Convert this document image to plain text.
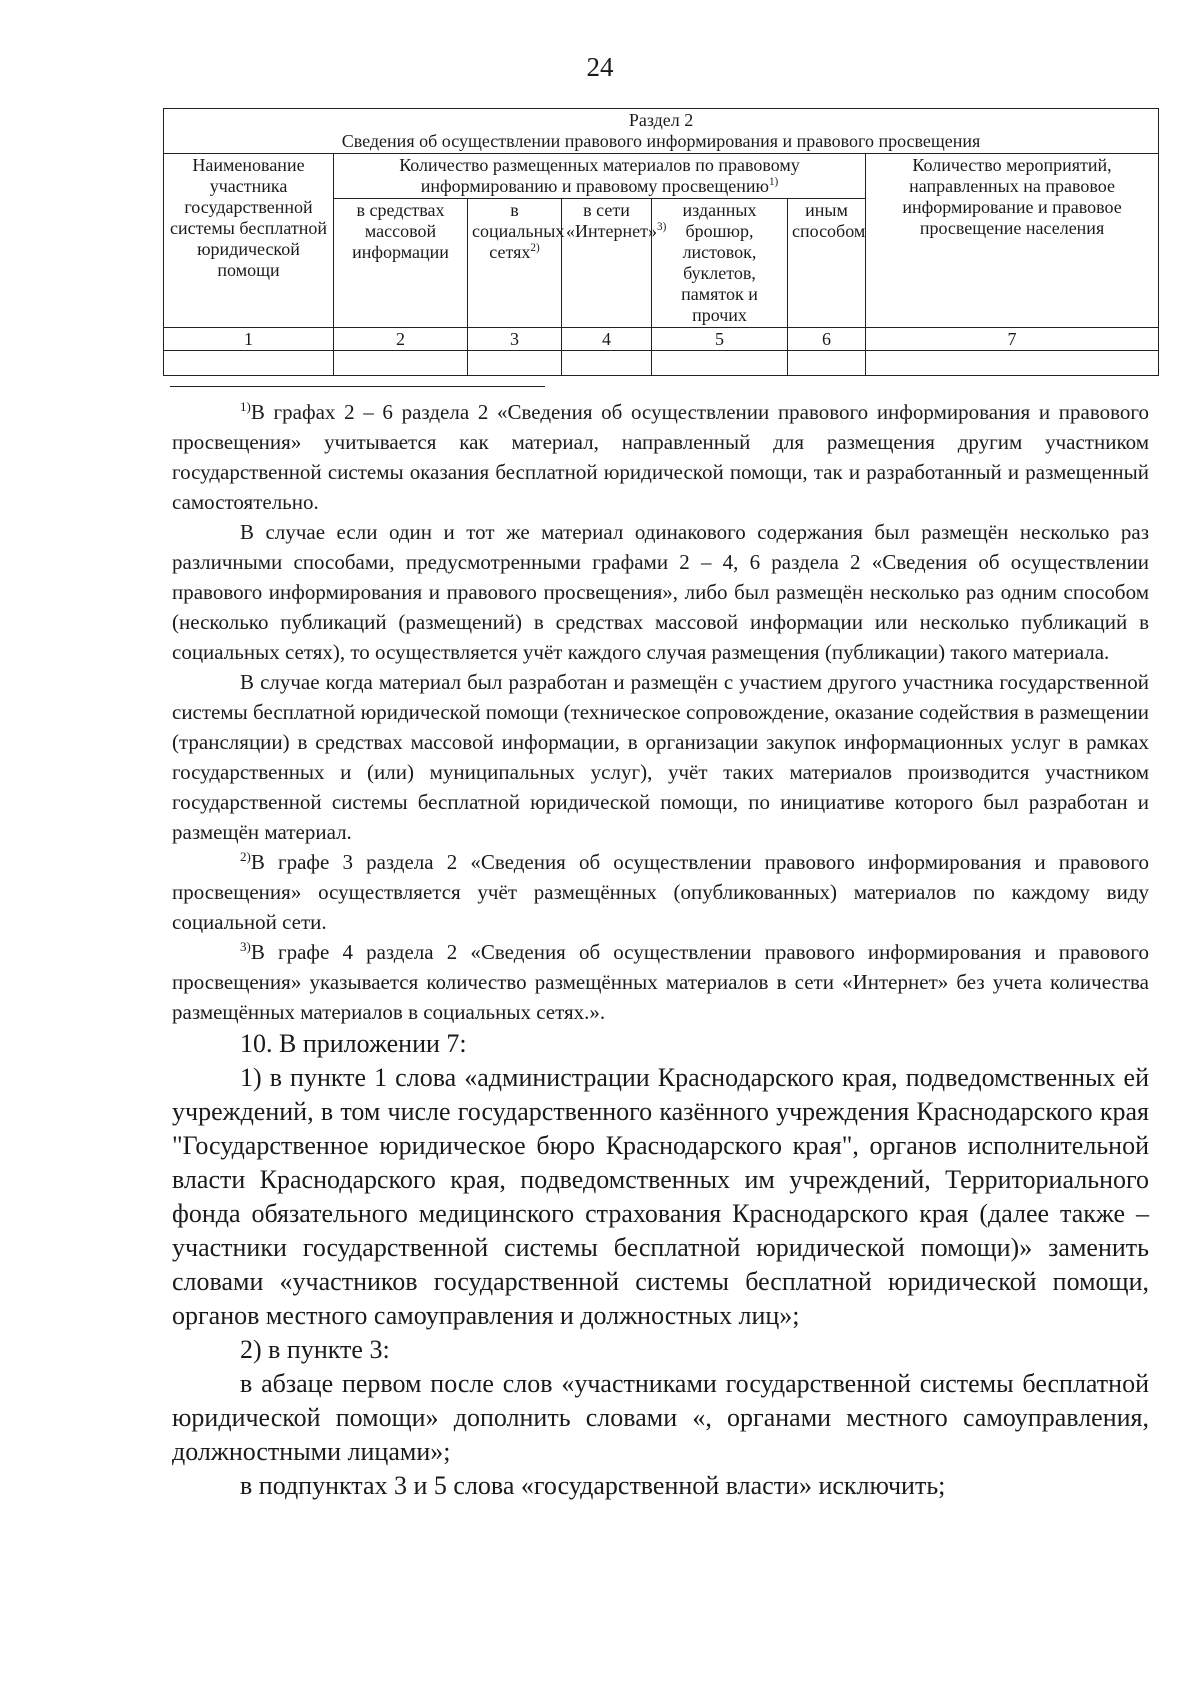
24
Раздел 2
Сведения об осуществлении правового информирования и правового просвещения						

Наименование участника государственной системы бесплатной юридической помощи	Количество размещенных материалов по правовому информированию и правовому просвещению$^{1)}$					Количество мероприятий, направленных на правовое информирование и правовое просвещение населения
	в средствах массовой информации	в социальных сетях$^{2)}$	в сети «Интернет»$^{3)}$	изданных брошюр, листовок, буклетов, памяток и прочих	иным способом	
1	2	3	4	5	6	7

$^{1)}$В графах 2 – 6 раздела 2 «Сведения об осуществлении правового информирования и правового просвещения» учитывается как материал, направленный для размещения другим участником государственной системы оказания бесплатной юридической помощи, так и разработанный и размещенный самостоятельно.

В случае если один и тот же материал одинакового содержания был размещён несколько раз различными способами, предусмотренными графами 2 – 4, 6 раздела 2 «Сведения об осуществлении правового информирования и правового просвещения», либо был размещён несколько раз одним способом (несколько публикаций (размещений) в средствах массовой информации или несколько публикаций в социальных сетях), то осуществляется учёт каждого случая размещения (публикации) такого материала.

В случае когда материал был разработан и размещён с участием другого участника государственной системы бесплатной юридической помощи (техническое сопровождение, оказание содействия в размещении (трансляции) в средствах массовой информации, в организации закупок информационных услуг в рамках государственных и (или) муниципальных услуг), учёт таких материалов производится участником государственной системы бесплатной юридической помощи, по инициативе которого был разработан и размещён материал.

$^{2)}$В графе 3 раздела 2 «Сведения об осуществлении правового информирования и правового просвещения» осуществляется учёт размещённых (опубликованных) материалов по каждому виду социальной сети.

$^{3)}$В графе 4 раздела 2 «Сведения об осуществлении правового информирования и правового просвещения» указывается количество размещённых материалов в сети «Интернет» без учета количества размещённых материалов в социальных сетях.».

10. В приложении 7:

1) в пункте 1 слова «администрации Краснодарского края, подведомственных ей учреждений, в том числе государственного казённого учреждения Краснодарского края "Государственное юридическое бюро Краснодарского края", органов исполнительной власти Краснодарского края, подведомственных им учреждений, Территориального фонда обязательного медицинского страхования Краснодарского края (далее также – участники государственной системы бесплатной юридической помощи)» заменить словами «участников государственной системы бесплатной юридической помощи, органов местного самоуправления и должностных лиц»;

2) в пункте 3:

в абзаце первом после слов «участниками государственной системы бесплатной юридической помощи» дополнить словами «, органами местного самоуправления, должностными лицами»;

в подпунктах 3 и 5 слова «государственной власти» исключить;
